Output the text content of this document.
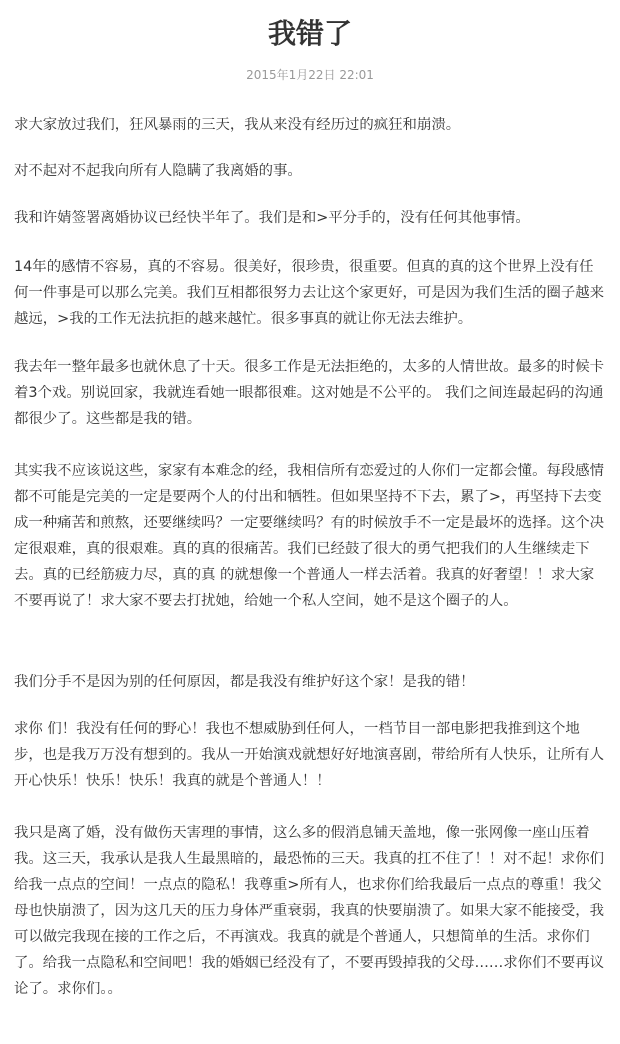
我错了
2015年1月22日 22:01

求大家放过我们，狂风暴雨的三天，我从来没有经历过的疯狂和崩溃。

对不起对不起我向所有人隐瞒了我离婚的事。

我和许婧签署离婚协议已经快半年了。我们是和>平分手的，没有任何其他事情。

14年的感情不容易，真的不容易。很美好，很珍贵，很重要。但真的真的这个世界上没有任何一件事是可以那么完美。我们互相都很努力去让这个家更好，可是因为我们生活的圈子越来越远，>我的工作无法抗拒的越来越忙。很多事真的就让你无法去维护。

我去年一整年最多也就休息了十天。很多工作是无法拒绝的，太多的人情世故。最多的时候卡着3个戏。别说回家，我就连看她一眼都很难。这对她是不公平的。 我们之间连最起码的沟通都很少了。这些都是我的错。

其实我不应该说这些，家家有本难念的经，我相信所有恋爱过的人你们一定都会懂。每段感情都不可能是完美的一定是要两个人的付出和牺牲。但如果坚持不下去，累了>，再坚持下去变成一种痛苦和煎熬，还要继续吗？一定要继续吗？有的时候放手不一定是最坏的选择。这个决定很艰难，真的很艰难。真的真的很痛苦。我们已经鼓了很大的勇气把我们的人生继续走下去。真的已经筋疲力尽，真的真 的就想像一个普通人一样去活着。我真的好奢望！！求大家不要再说了！求大家不要去打扰她，给她一个私人空间，她不是这个圈子的人。

我们分手不是因为别的任何原因，都是我没有维护好这个家！是我的错！

求你 们！我没有任何的野心！我也不想威胁到任何人，一档节目一部电影把我推到这个地步，也是我万万没有想到的。我从一开始演戏就想好好地演喜剧，带给所有人快乐，让所有人开心快乐！快乐！快乐！我真的就是个普通人！！

我只是离了婚，没有做伤天害理的事情，这么多的假消息铺天盖地，像一张网像一座山压着我。这三天，我承认是我人生最黑暗的，最恐怖的三天。我真的扛不住了！！对不起！求你们给我一点点的空间！一点点的隐私！我尊重>所有人，也求你们给我最后一点点的尊重！我父母也快崩溃了，因为这几天的压力身体严重衰弱，我真的快要崩溃了。如果大家不能接受，我可以做完我现在接的工作之后，不再演戏。我真的就是个普通人，只想简单的生活。求你们了。给我一点隐私和空间吧！我的婚姻已经没有了，不要再毁掉我的父母……求你们不要再议论了。求你们。。
